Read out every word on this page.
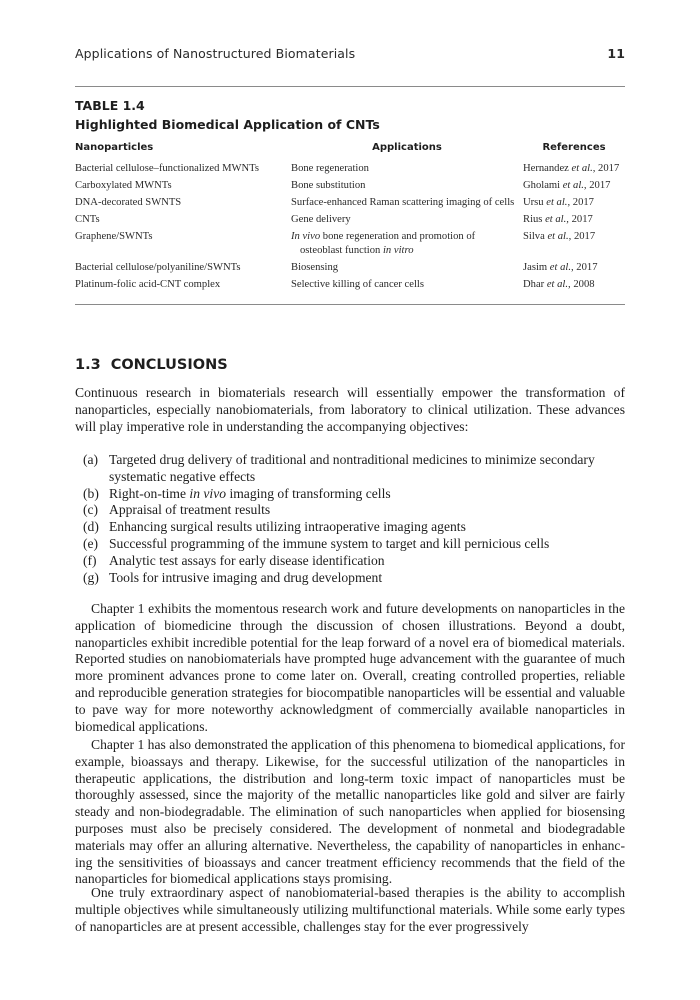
Applications of Nanostructured Biomaterials	11
TABLE 1.4
Highlighted Biomedical Application of CNTs
Nanoparticles	Applications	References
Bacterial cellulose–functionalized MWNTs	Bone regeneration	Hernandez et al., 2017
Carboxylated MWNTs	Bone substitution	Gholami et al., 2017
DNA-decorated SWNTS	Surface-enhanced Raman scattering imaging of cells	Ursu et al., 2017
CNTs	Gene delivery	Rius et al., 2017
Graphene/SWNTs	In vivo bone regeneration and promotion of osteoblast function in vitro	Silva et al., 2017
Bacterial cellulose/polyaniline/SWNTs	Biosensing	Jasim et al., 2017
Platinum-folic acid-CNT complex	Selective killing of cancer cells	Dhar et al., 2008
1.3 CONCLUSIONS
Continuous research in biomaterials research will essentially empower the transformation of nanoparticles, especially nanobiomaterials, from laboratory to clinical utilization. These advances will play imperative role in understanding the accompanying objectives:
(a) Targeted drug delivery of traditional and nontraditional medicines to minimize secondary systematic negative effects
(b) Right-on-time in vivo imaging of transforming cells
(c) Appraisal of treatment results
(d) Enhancing surgical results utilizing intraoperative imaging agents
(e) Successful programming of the immune system to target and kill pernicious cells
(f) Analytic test assays for early disease identification
(g) Tools for intrusive imaging and drug development
Chapter 1 exhibits the momentous research work and future developments on nanoparticles in the application of biomedicine through the discussion of chosen illustrations. Beyond a doubt, nanoparticles exhibit incredible potential for the leap forward of a novel era of biomedical materials. Reported studies on nanobiomaterials have prompted huge advancement with the guarantee of much more prominent advances prone to come later on. Overall, creating controlled properties, reliable and reproducible generation strategies for biocompatible nanoparticles will be essential and valuable to pave way for more noteworthy acknowledgment of commercially available nanoparticles in biomedical applications.
Chapter 1 has also demonstrated the application of this phenomena to biomedical applications, for example, bioassays and therapy. Likewise, for the successful utilization of the nanoparticles in therapeutic applications, the distribution and long-term toxic impact of nanoparticles must be thoroughly assessed, since the majority of the metallic nanoparticles like gold and silver are fairly steady and non-biodegradable. The elimination of such nanoparticles when applied for biosensing purposes must also be precisely considered. The development of nonmetal and biodegradable materials may offer an alluring alternative. Nevertheless, the capability of nanoparticles in enhancing the sensitivities of bioassays and cancer treatment efficiency recommends that the field of the nanoparticles for biomedical applications stays promising.
One truly extraordinary aspect of nanobiomaterial-based therapies is the ability to accomplish multiple objectives while simultaneously utilizing multifunctional materials. While some early types of nanoparticles are at present accessible, challenges stay for the ever progressively
